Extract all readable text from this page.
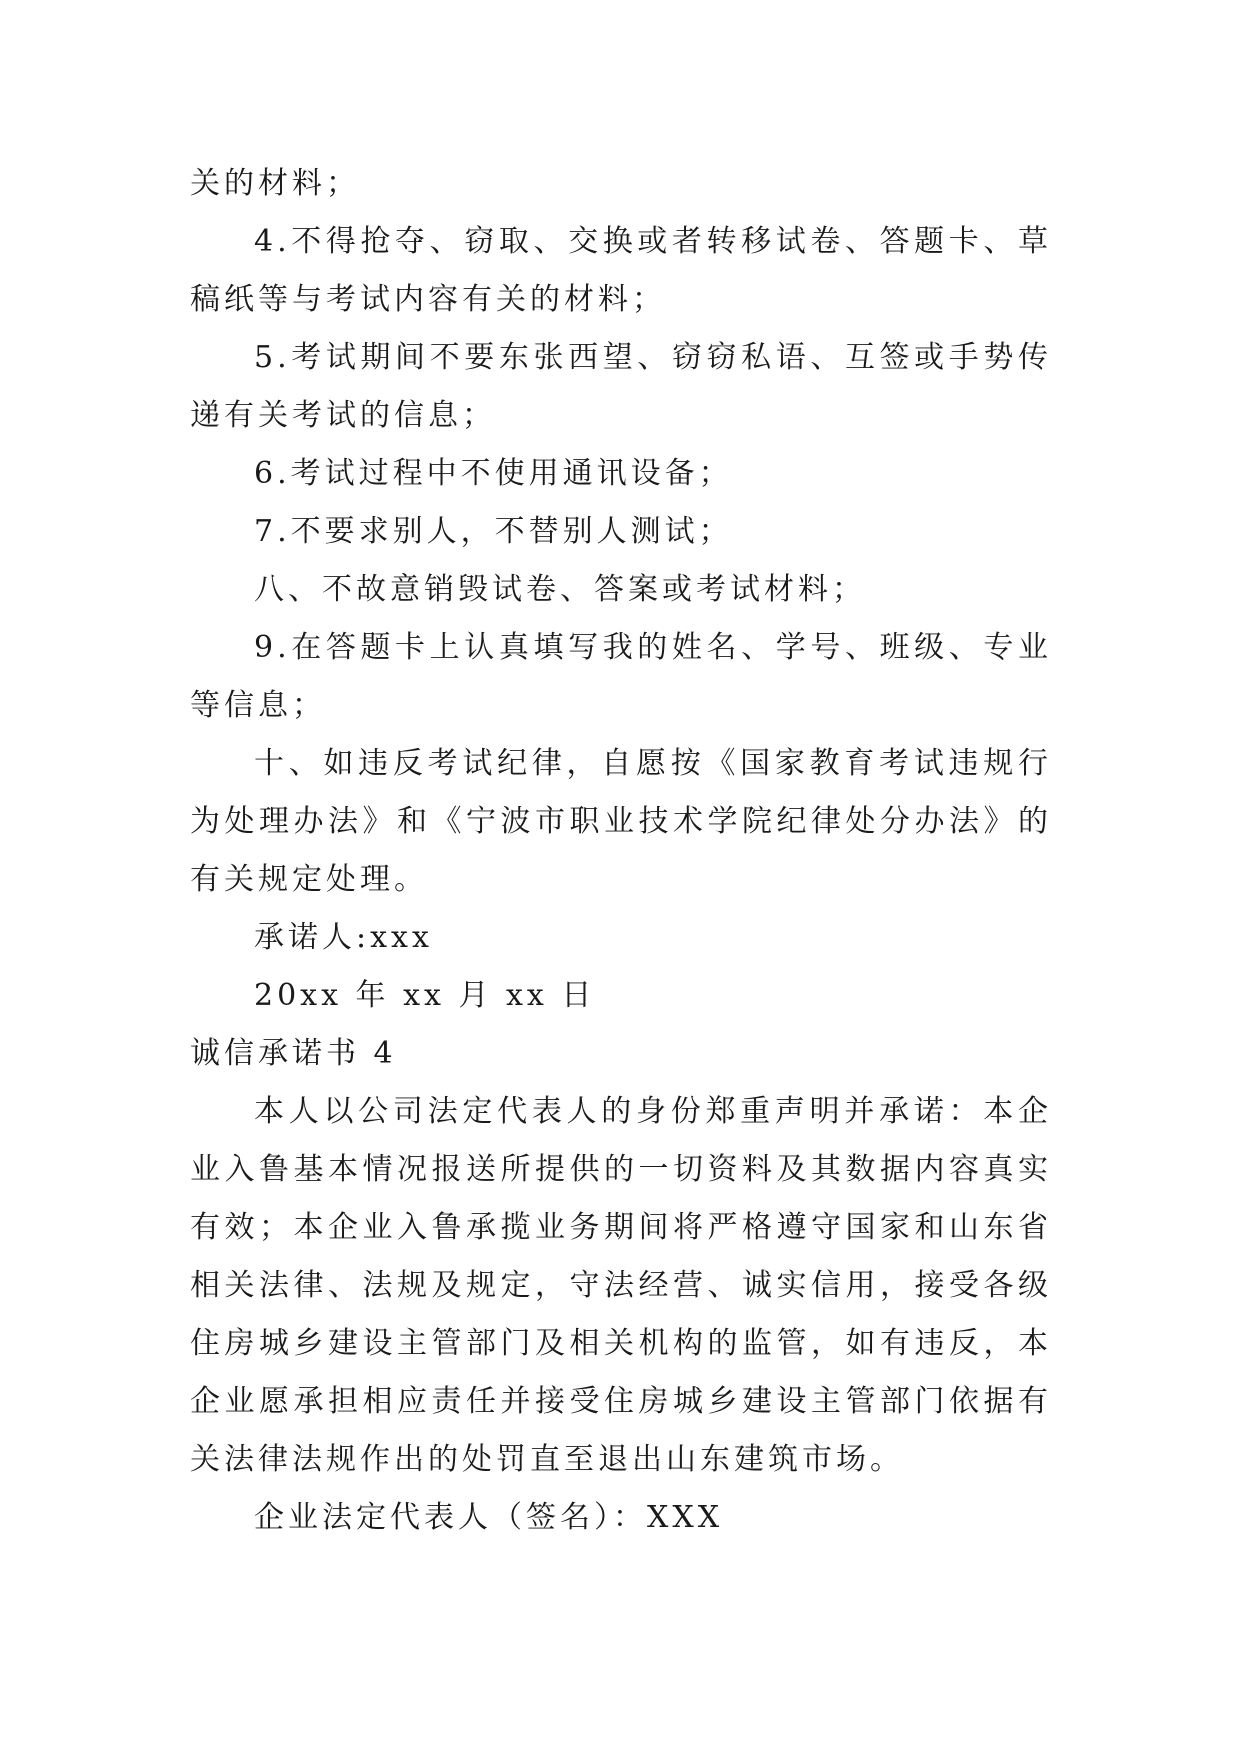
关的材料；

4.不得抢夺、窃取、交换或者转移试卷、答题卡、草稿纸等与考试内容有关的材料；

5.考试期间不要东张西望、窃窃私语、互签或手势传递有关考试的信息；

6.考试过程中不使用通讯设备；

7.不要求别人，不替别人测试；

八、不故意销毁试卷、答案或考试材料；

9.在答题卡上认真填写我的姓名、学号、班级、专业等信息；

十、如违反考试纪律，自愿按《国家教育考试违规行为处理办法》和《宁波市职业技术学院纪律处分办法》的有关规定处理。

承诺人:xxx

20xx 年 xx 月 xx 日

诚信承诺书 4

本人以公司法定代表人的身份郑重声明并承诺：本企业入鲁基本情况报送所提供的一切资料及其数据内容真实有效；本企业入鲁承揽业务期间将严格遵守国家和山东省相关法律、法规及规定，守法经营、诚实信用，接受各级住房城乡建设主管部门及相关机构的监管，如有违反，本企业愿承担相应责任并接受住房城乡建设主管部门依据有关法律法规作出的处罚直至退出山东建筑市场。

企业法定代表人（签名）：XXX
